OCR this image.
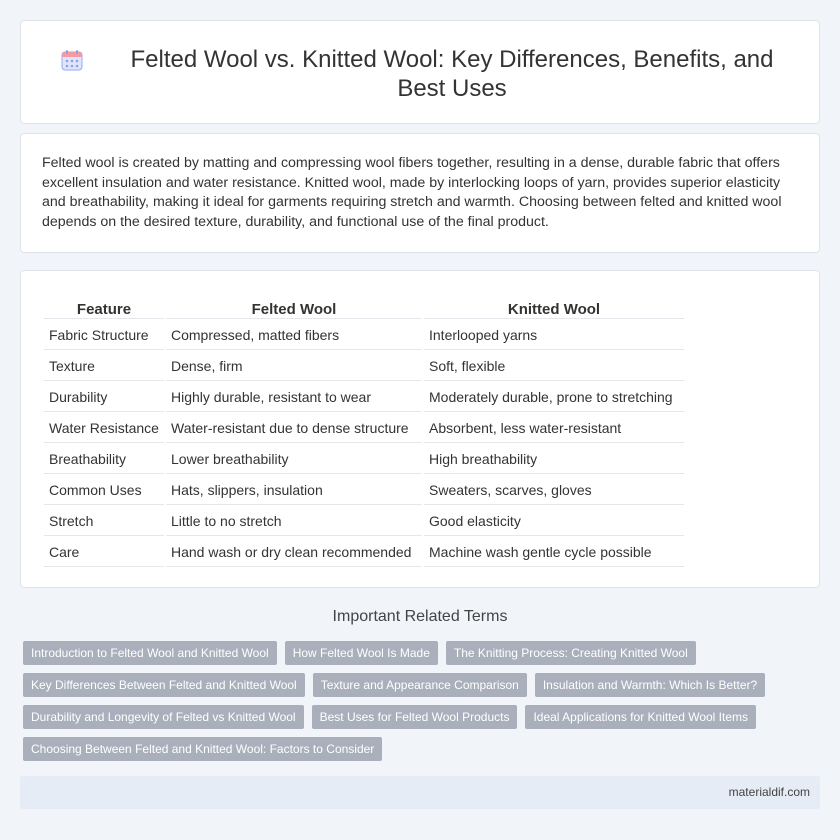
Felted Wool vs. Knitted Wool: Key Differences, Benefits, and Best Uses

Felted wool is created by matting and compressing wool fibers together, resulting in a dense, durable fabric that offers excellent insulation and water resistance. Knitted wool, made by interlocking loops of yarn, provides superior elasticity and breathability, making it ideal for garments requiring stretch and warmth. Choosing between felted and knitted wool depends on the desired texture, durability, and functional use of the final product.

Feature	Felted Wool	Knitted Wool
Fabric Structure	Compressed, matted fibers	Interlooped yarns
Texture	Dense, firm	Soft, flexible
Durability	Highly durable, resistant to wear	Moderately durable, prone to stretching
Water Resistance	Water-resistant due to dense structure	Absorbent, less water-resistant
Breathability	Lower breathability	High breathability
Common Uses	Hats, slippers, insulation	Sweaters, scarves, gloves
Stretch	Little to no stretch	Good elasticity
Care	Hand wash or dry clean recommended	Machine wash gentle cycle possible
Important Related Terms
Introduction to Felted Wool and Knitted Wool	How Felted Wool Is Made	The Knitting Process: Creating Knitted Wool
Key Differences Between Felted and Knitted Wool	Texture and Appearance Comparison	Insulation and Warmth: Which Is Better?
Durability and Longevity of Felted vs Knitted Wool	Best Uses for Felted Wool Products	Ideal Applications for Knitted Wool Items
Choosing Between Felted and Knitted Wool: Factors to Consider
materialdif.com
